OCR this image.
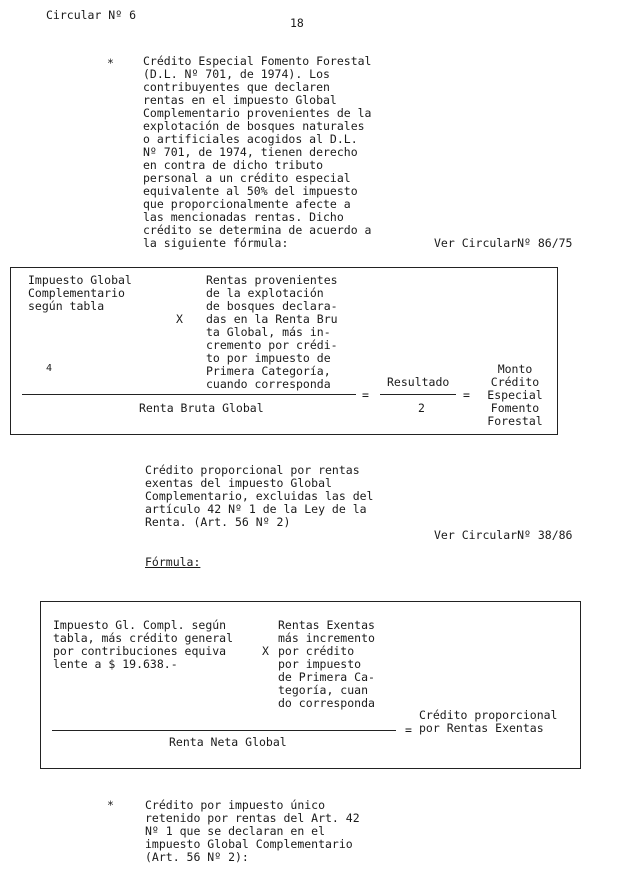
Circular Nº 6
18
*	Crédito Especial Fomento Forestal
(D.L. Nº 701, de 1974). Los
contribuyentes que declaren
rentas en el impuesto Global
Complementario provenientes de la
explotación de bosques naturales
o artificiales acogidos al D.L.
Nº 701, de 1974, tienen derecho
en contra de dicho tributo
personal a un crédito especial
equivalente al 50% del impuesto
que proporcionalmente afecte a
las mencionadas rentas. Dicho
crédito se determina de acuerdo a
la siguiente fórmula:	Ver CircularNº 86/75
Impuesto Global
Complementario
según tabla
X
Rentas provenientes
de la explotación
de bosques declara-
das en la Renta Bru
ta Global, más in-
cremento por crédi-
to por impuesto de
Primera Categoría,
cuando corresponda
4
Resultado
=	=
Renta Bruta Global	2
Monto
Crédito
Especial
Fomento
Forestal
Crédito proporcional por rentas
exentas del impuesto Global
Complementario, excluidas las del
artículo 42 Nº 1 de la Ley de la
Renta. (Art. 56 Nº 2)
Ver CircularNº 38/86
Fórmula:
Impuesto Gl. Compl. según
tabla, más crédito general
por contribuciones equiva
lente a $ 19.638.-
X
Rentas Exentas
más incremento
por crédito
por impuesto
de Primera Ca-
tegoría, cuan
do corresponda
=
Crédito proporcional
por Rentas Exentas
Renta Neta Global
*	Crédito por impuesto único
retenido por rentas del Art. 42
Nº 1 que se declaran en el
impuesto Global Complementario
(Art. 56 Nº 2):
